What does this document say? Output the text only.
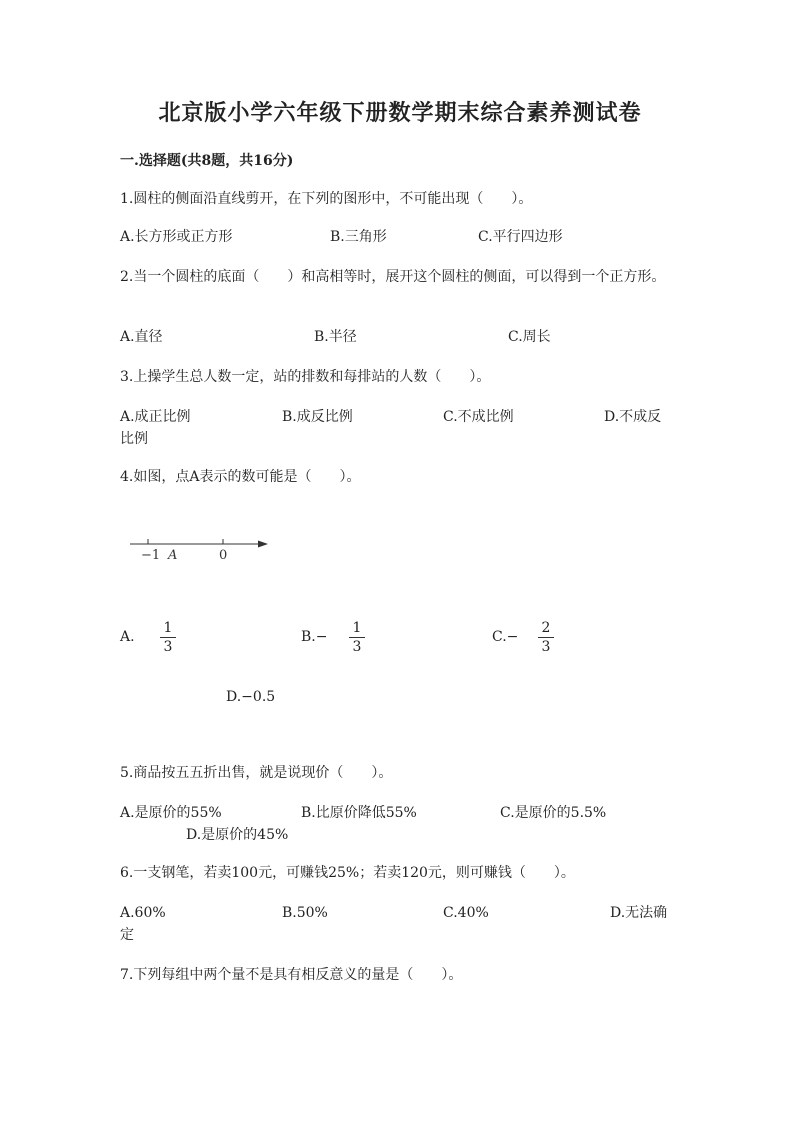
北京版小学六年级下册数学期末综合素养测试卷
一.选择题(共8题，共16分)
1.圆柱的侧面沿直线剪开，在下列的图形中，不可能出现（　　）。
A.长方形或正方形	B.三角形	C.平行四边形
2.当一个圆柱的底面（　　）和高相等时，展开这个圆柱的侧面，可以得到一个正方形。
A.直径	B.半径	C.周长
3.上操学生总人数一定，站的排数和每排站的人数（　　）。
A.成正比例	B.成反比例	C.不成比例	D.不成反
比例
4.如图，点A表示的数可能是（　　）。
−1 A	0
A.
1
3
B.−
1
3
C.−
2
3
D.−0.5
5.商品按五五折出售，就是说现价（　　）。
A.是原价的55%	B.比原价降低55%	C.是原价的5.5%
D.是原价的45%
6.一支钢笔，若卖100元，可赚钱25%；若卖120元，则可赚钱（　　）。
A.60%	B.50%	C.40%	D.无法确
定
7.下列每组中两个量不是具有相反意义的量是（　　）。
